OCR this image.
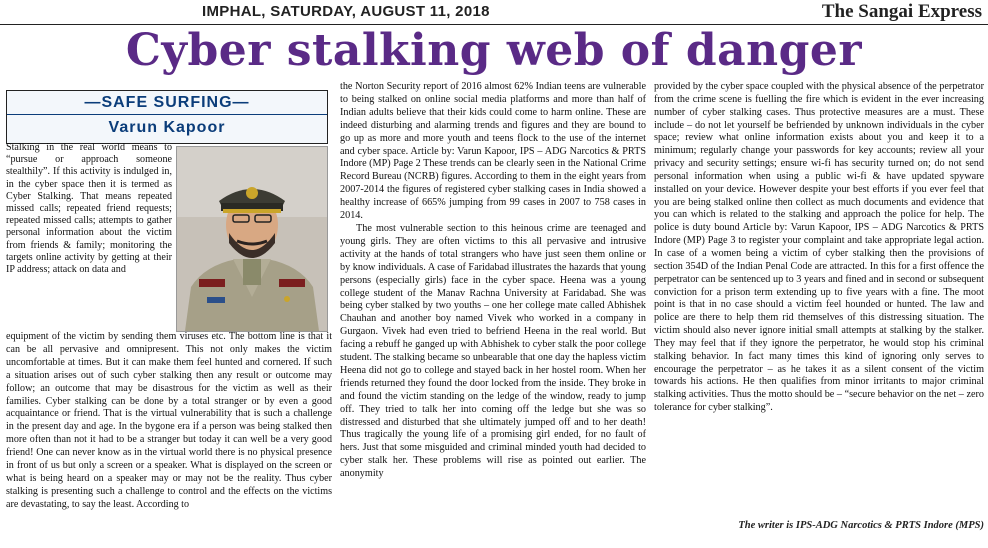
IMPHAL, SATURDAY, AUGUST 11, 2018	The Sangai Express
Cyber stalking web of danger
—SAFE SURFING—
Varun Kapoor

Stalking in the real world means to “pursue or approach someone stealthily”. If this activity is indulged in, in the cyber space then it is termed as Cyber Stalking. That means repeated missed calls; repeated friend requests; repeated missed calls; attempts to gather personal information about the victim from friends & family; monitoring the targets online activity by getting at their IP address; attack on data and

equipment of the victim by sending them viruses etc. The bottom line is that it can be all pervasive and omnipresent. This not only makes the victim uncomfortable at times. But it can make them feel hunted and cornered. If such a situation arises out of such cyber stalking then any result or outcome may follow; an outcome that may be disastrous for the victim as well as their families. Cyber stalking can be done by a total stranger or by even a good acquaintance or friend. That is the virtual vulnerability that is such a challenge in the present day and age. In the bygone era if a person was being stalked then more often than not it had to be a stranger but today it can well be a very good friend! One can never know as in the virtual world there is no physical presence in front of us but only a screen or a speaker. What is displayed on the screen or what is being heard on a speaker may or may not be the reality. Thus cyber stalking is presenting such a challenge to control and the effects on the victims are devastating, to say the least. According to

the Norton Security report of 2016 almost 62% Indian teens are vulnerable to being stalked on online social media platforms and more than half of Indian adults believe that their kids could come to harm online. These are indeed disturbing and alarming trends and figures and they are bound to go up as more and more youth and teens flock to the use of the internet and cyber space. Article by: Varun Kapoor, IPS – ADG Narcotics & PRTS Indore (MP) Page 2 These trends can be clearly seen in the National Crime Record Bureau (NCRB) figures. According to them in the eight years from 2007-2014 the figures of registered cyber stalking cases in India showed a healthy increase of 665% jumping from 99 cases in 2007 to 758 cases in 2014.

The most vulnerable section to this heinous crime are teenaged and young girls. They are often victims to this all pervasive and intrusive activity at the hands of total strangers who have just seen them online or by know individuals. A case of Faridabad illustrates the hazards that young persons (especially girls) face in the cyber space. Heena was a young college student of the Manav Rachna University at Faridabad. She was being cyber stalked by two youths – one her college mate called Abhishek Chauhan and another boy named Vivek who worked in a company in Gurgaon. Vivek had even tried to befriend Heena in the real world. But facing a rebuff he ganged up with Abhishek to cyber stalk the poor college student. The stalking became so unbearable that one day the hapless victim Heena did not go to college and stayed back in her hostel room. When her friends returned they found the door locked from the inside. They broke in and found the victim standing on the ledge of the window, ready to jump off. They tried to talk her into coming off the ledge but she was so distressed and disturbed that she ultimately jumped off and to her death! Thus tragically the young life of a promising girl ended, for no fault of hers. Just that some misguided and criminal minded youth had decided to cyber stalk her. These problems will rise as pointed out earlier. The anonymity

provided by the cyber space coupled with the physical absence of the perpetrator from the crime scene is fuelling the fire which is evident in the ever increasing number of cyber stalking cases. Thus protective measures are a must. These include – do not let yourself be befriended by unknown individuals in the cyber space; review what online information exists about you and keep it to a minimum; regularly change your passwords for key accounts; review all your privacy and security settings; ensure wi-fi has security turned on; do not send personal information when using a public wi-fi & have updated spyware installed on your device. However despite your best efforts if you ever feel that you are being stalked online then collect as much documents and evidence that you can which is related to the stalking and approach the police for help. The police is duty bound Article by: Varun Kapoor, IPS – ADG Narcotics & PRTS Indore (MP) Page 3 to register your complaint and take appropriate legal action. In case of a women being a victim of cyber stalking then the provisions of section 354D of the Indian Penal Code are attracted. In this for a first offence the perpetrator can be sentenced up to 3 years and fined and in second or subsequent conviction for a prison term extending up to five years with a fine. The moot point is that in no case should a victim feel hounded or hunted. The law and police are there to help them rid themselves of this distressing situation. The victim should also never ignore initial small attempts at stalking by the stalker. They may feel that if they ignore the perpetrator, he would stop his criminal stalking behavior. In fact many times this kind of ignoring only serves to encourage the perpetrator – as he takes it as a silent consent of the victim towards his actions. He then qualifies from minor irritants to major criminal stalking activities. Thus the motto should be – “secure behavior on the net – zero tolerance for cyber stalking”.

The writer is IPS-ADG Narcotics & PRTS Indore (MPS)
